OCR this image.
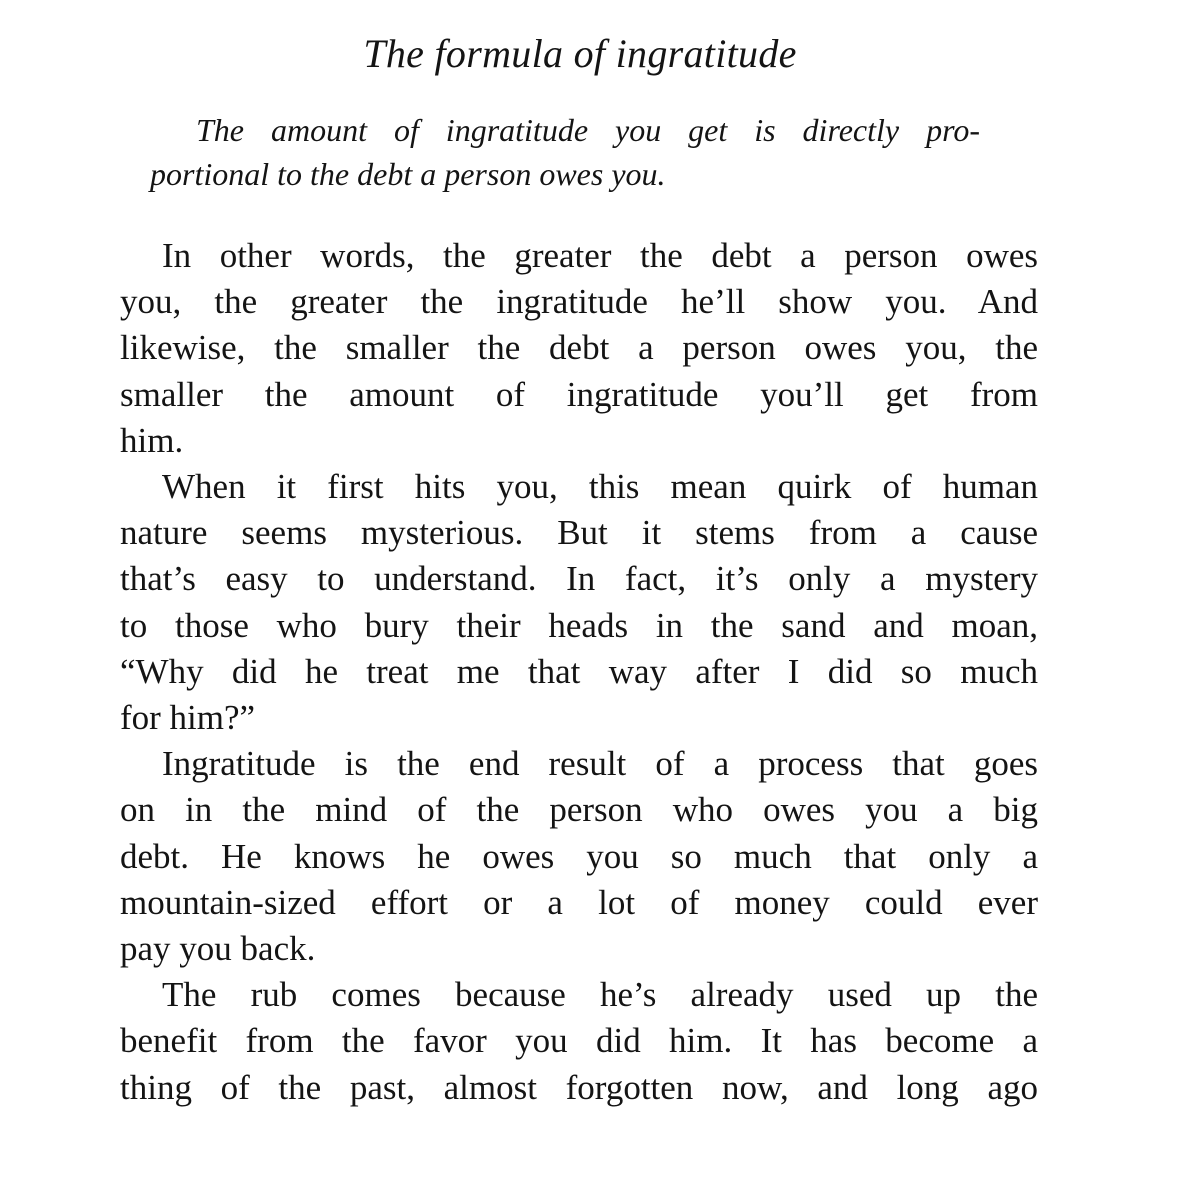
The formula of ingratitude
The amount of ingratitude you get is directly pro-
portional to the debt a person owes you.
In other words, the greater the debt a person owes
you, the greater the ingratitude he’ll show you. And
likewise, the smaller the debt a person owes you, the
smaller the amount of ingratitude you’ll get from
him.
When it first hits you, this mean quirk of human
nature seems mysterious. But it stems from a cause
that’s easy to understand. In fact, it’s only a mystery
to those who bury their heads in the sand and moan,
“Why did he treat me that way after I did so much
for him?”
Ingratitude is the end result of a process that goes
on in the mind of the person who owes you a big
debt. He knows he owes you so much that only a
mountain-sized effort or a lot of money could ever
pay you back.
The rub comes because he’s already used up the
benefit from the favor you did him. It has become a
thing of the past, almost forgotten now, and long ago
